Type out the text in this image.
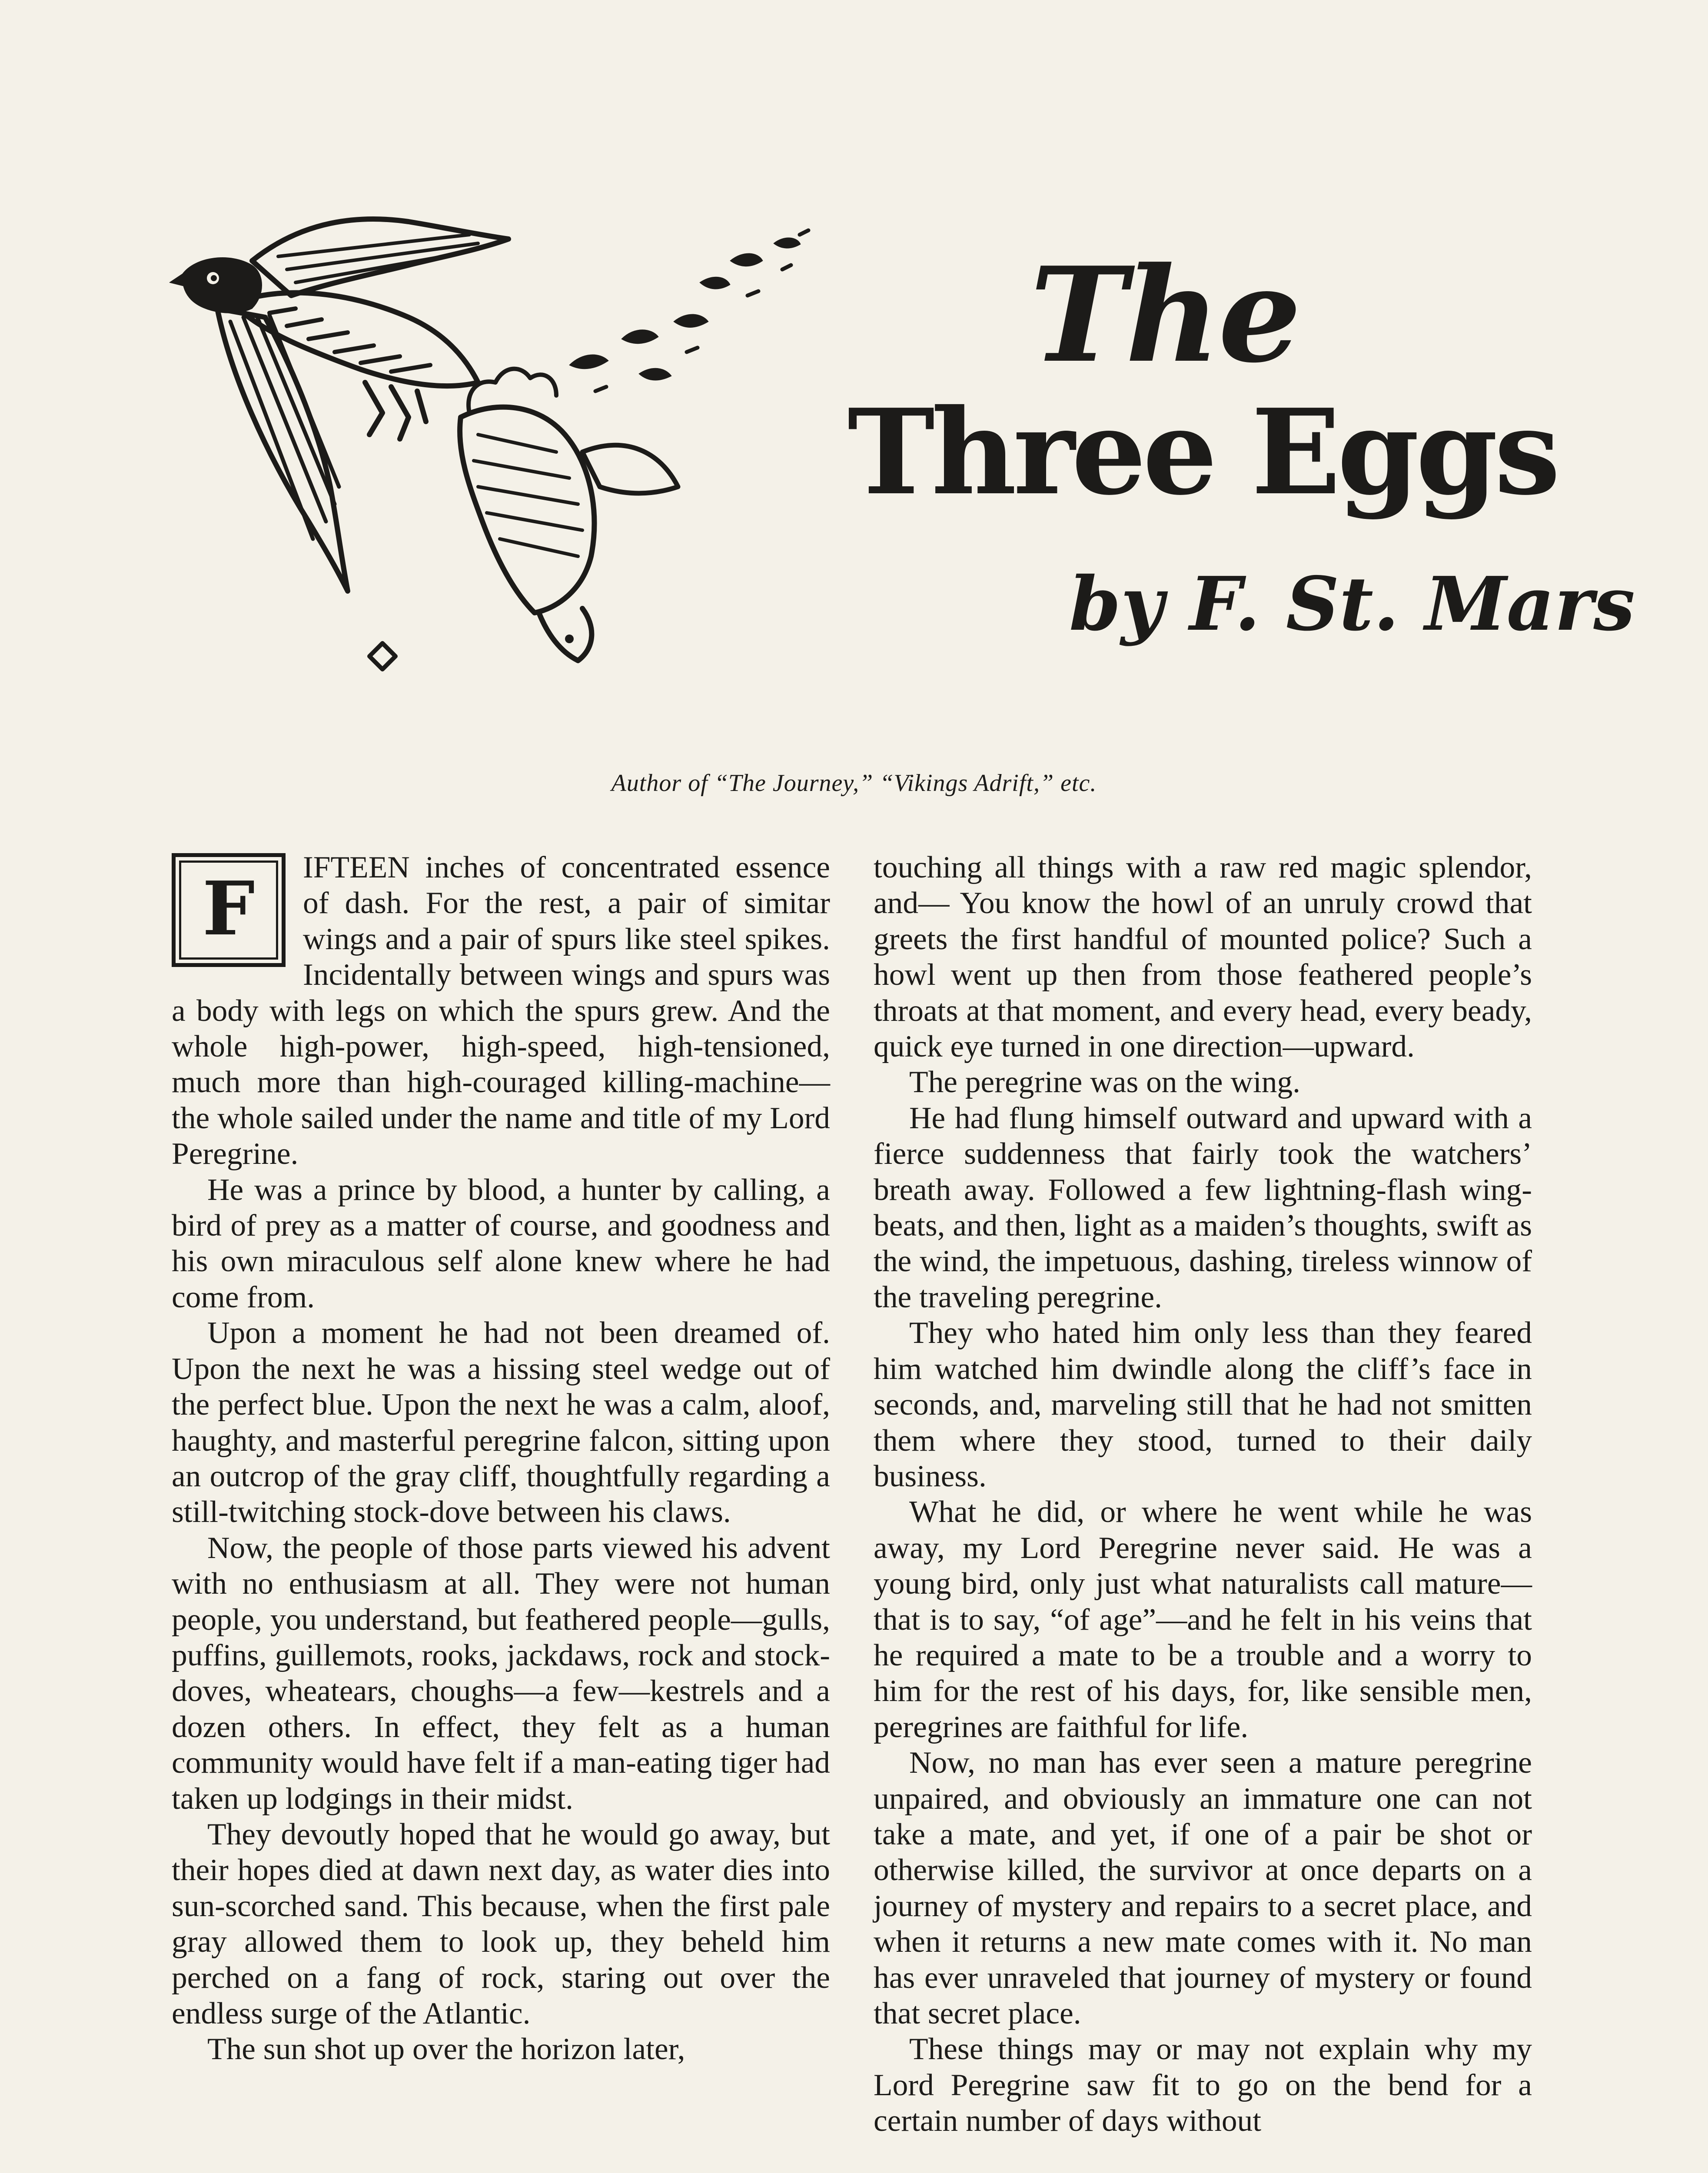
The
Three Eggs

by F. St. Mars

Author of “The Journey,” “Vikings Adrift,” etc.

F	IFTEEN inches of concentrated essence of dash. For the rest, a pair of simitar wings and a pair of spurs like steel spikes. Incidentally between wings and spurs was a body with legs on which the spurs grew. And the whole high-power, high-speed, high-tensioned, much more than high-couraged killing-machine—the whole sailed under the name and title of my Lord Peregrine.

He was a prince by blood, a hunter by calling, a bird of prey as a matter of course, and goodness and his own miraculous self alone knew where he had come from.

Upon a moment he had not been dreamed of. Upon the next he was a hissing steel wedge out of the perfect blue. Upon the next he was a calm, aloof, haughty, and masterful peregrine falcon, sitting upon an outcrop of the gray cliff, thoughtfully regarding a still-twitching stock-dove between his claws.

Now, the people of those parts viewed his advent with no enthusiasm at all. They were not human people, you understand, but feathered people—gulls, puffins, guillemots, rooks, jackdaws, rock and stock-doves, wheatears, choughs—a few—kestrels and a dozen others. In effect, they felt as a human community would have felt if a man-eating tiger had taken up lodgings in their midst.

They devoutly hoped that he would go away, but their hopes died at dawn next day, as water dies into sun-scorched sand. This because, when the first pale gray allowed them to look up, they beheld him perched on a fang of rock, staring out over the endless surge of the Atlantic.

The sun shot up over the horizon later,

touching all things with a raw red magic splendor, and— You know the howl of an unruly crowd that greets the first handful of mounted police? Such a howl went up then from those feathered people’s throats at that moment, and every head, every beady, quick eye turned in one direction—upward.

The peregrine was on the wing.

He had flung himself outward and upward with a fierce suddenness that fairly took the watchers’ breath away. Followed a few lightning-flash wing-beats, and then, light as a maiden’s thoughts, swift as the wind, the impetuous, dashing, tireless winnow of the traveling peregrine.

They who hated him only less than they feared him watched him dwindle along the cliff’s face in seconds, and, marveling still that he had not smitten them where they stood, turned to their daily business.

What he did, or where he went while he was away, my Lord Peregrine never said. He was a young bird, only just what naturalists call mature—that is to say, “of age”—and he felt in his veins that he required a mate to be a trouble and a worry to him for the rest of his days, for, like sensible men, peregrines are faithful for life.

Now, no man has ever seen a mature peregrine unpaired, and obviously an immature one can not take a mate, and yet, if one of a pair be shot or otherwise killed, the survivor at once departs on a journey of mystery and repairs to a secret place, and when it returns a new mate comes with it. No man has ever unraveled that journey of mystery or found that secret place.

These things may or may not explain why my Lord Peregrine saw fit to go on the bend for a certain number of days without
